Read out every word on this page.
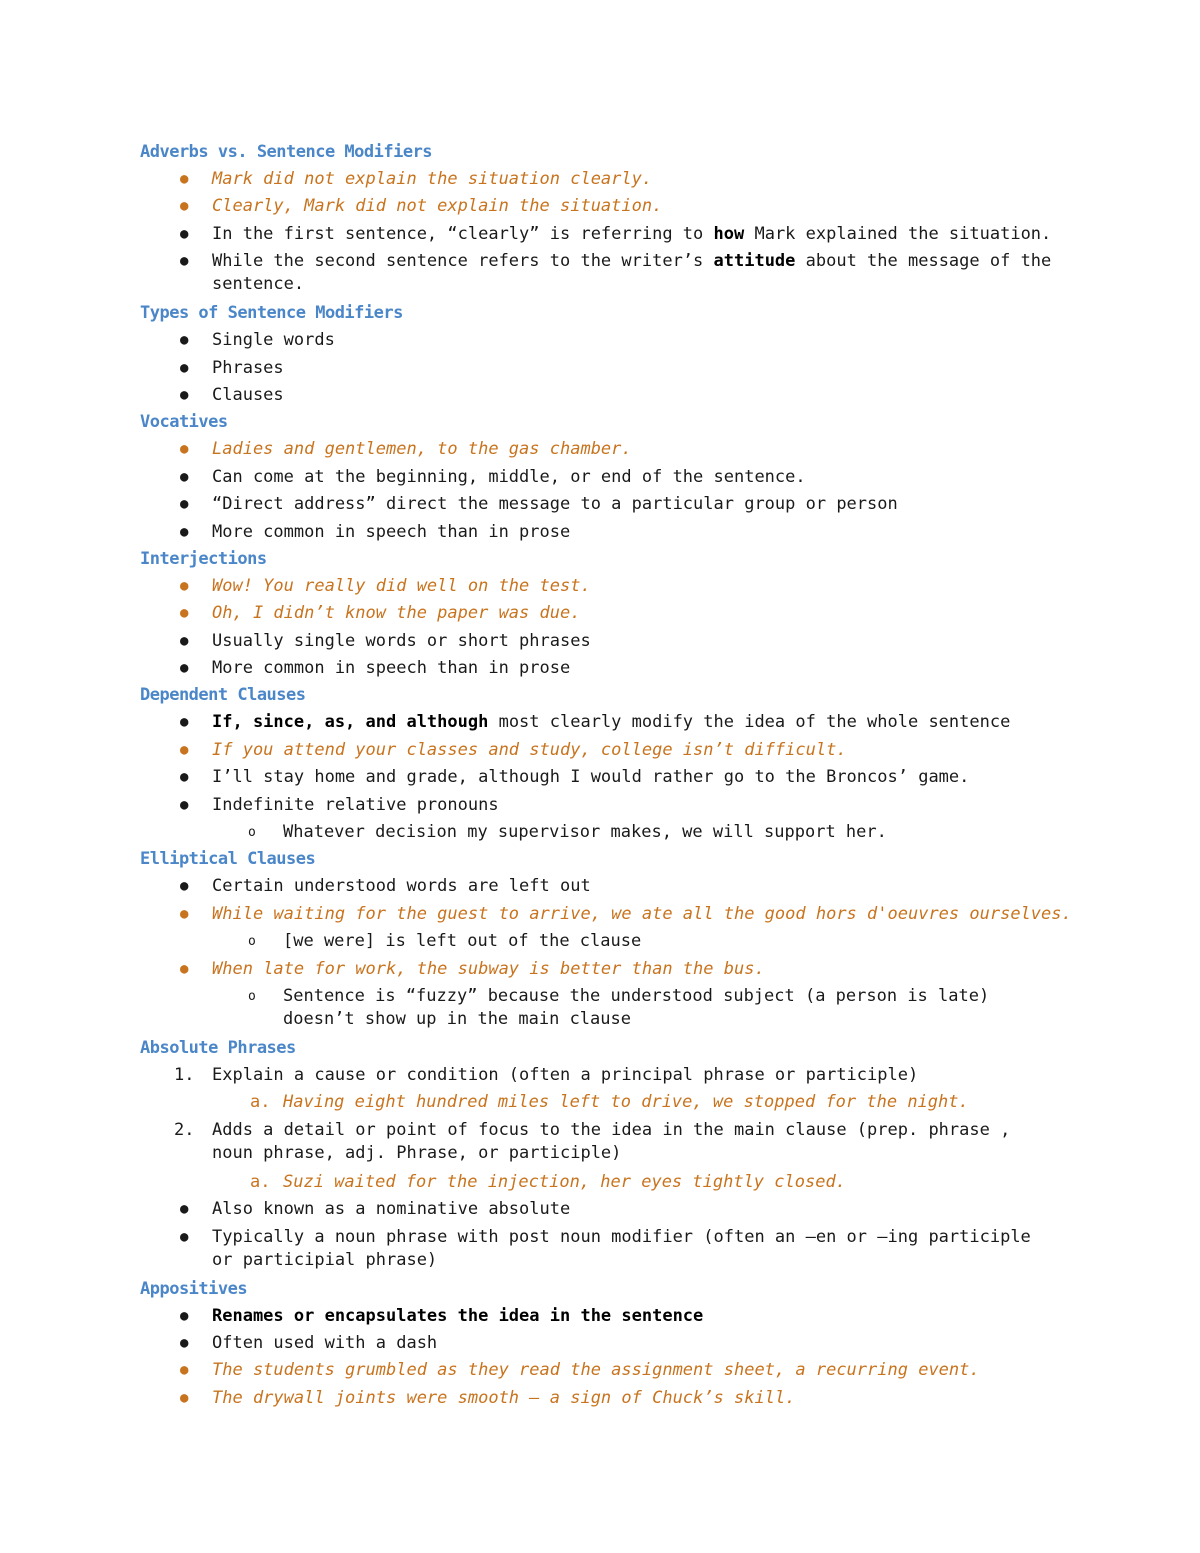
Adverbs vs. Sentence Modifiers
● Mark did not explain the situation clearly.
● Clearly, Mark did not explain the situation.
● In the first sentence, “clearly” is referring to how Mark explained the situation.
● While the second sentence refers to the writer’s attitude about the message of the sentence.
Types of Sentence Modifiers
● Single words
● Phrases
● Clauses
Vocatives
● Ladies and gentlemen, to the gas chamber.
● Can come at the beginning, middle, or end of the sentence.
● “Direct address” direct the message to a particular group or person
● More common in speech than in prose
Interjections
● Wow! You really did well on the test.
● Oh, I didn’t know the paper was due.
● Usually single words or short phrases
● More common in speech than in prose
Dependent Clauses
● If, since, as, and although most clearly modify the idea of the whole sentence
● If you attend your classes and study, college isn’t difficult.
● I’ll stay home and grade, although I would rather go to the Broncos’ game.
● Indefinite relative pronouns
o Whatever decision my supervisor makes, we will support her.
Elliptical Clauses
● Certain understood words are left out
● While waiting for the guest to arrive, we ate all the good hors d'oeuvres ourselves.
o [we were] is left out of the clause
● When late for work, the subway is better than the bus.
o Sentence is “fuzzy” because the understood subject (a person is late) doesn’t show up in the main clause
Absolute Phrases
1. Explain a cause or condition (often a principal phrase or participle)
a. Having eight hundred miles left to drive, we stopped for the night.
2. Adds a detail or point of focus to the idea in the main clause (prep. phrase , noun phrase, adj. Phrase, or participle)
a. Suzi waited for the injection, her eyes tightly closed.
● Also known as a nominative absolute
● Typically a noun phrase with post noun modifier (often an –en or –ing participle or participial phrase)
Appositives
● Renames or encapsulates the idea in the sentence
● Often used with a dash
● The students grumbled as they read the assignment sheet, a recurring event.
● The drywall joints were smooth — a sign of Chuck’s skill.
